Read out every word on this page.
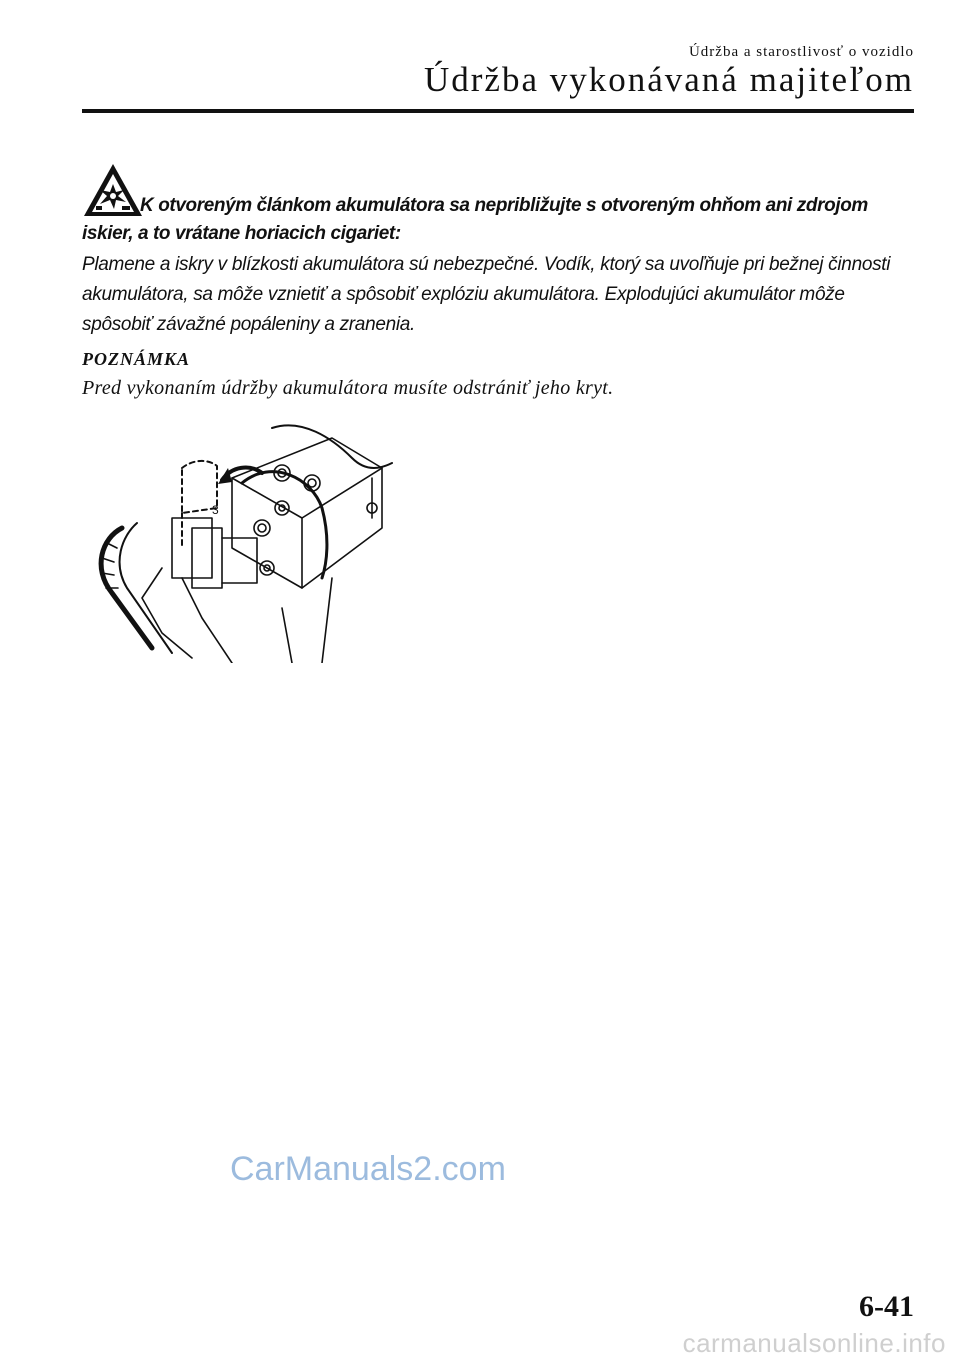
Údržba a starostlivosť o vozidlo
Údržba vykonávaná majiteľom

K otvoreným článkom akumulátora sa nepribližujte s otvoreným ohňom ani zdrojom iskier, a to vrátane horiacich cigariet:

Plamene a iskry v blízkosti akumulátora sú nebezpečné. Vodík, ktorý sa uvoľňuje pri bežnej činnosti akumulátora, sa môže vznietiť a spôsobiť explóziu akumulátora. Explodujúci akumulátor môže spôsobiť závažné popáleniny a zranenia.

POZNÁMKA

Pred vykonaním údržby akumulátora musíte odstrániť jeho kryt.

3
CarManuals2.com
6-41
carmanualsonline.info
